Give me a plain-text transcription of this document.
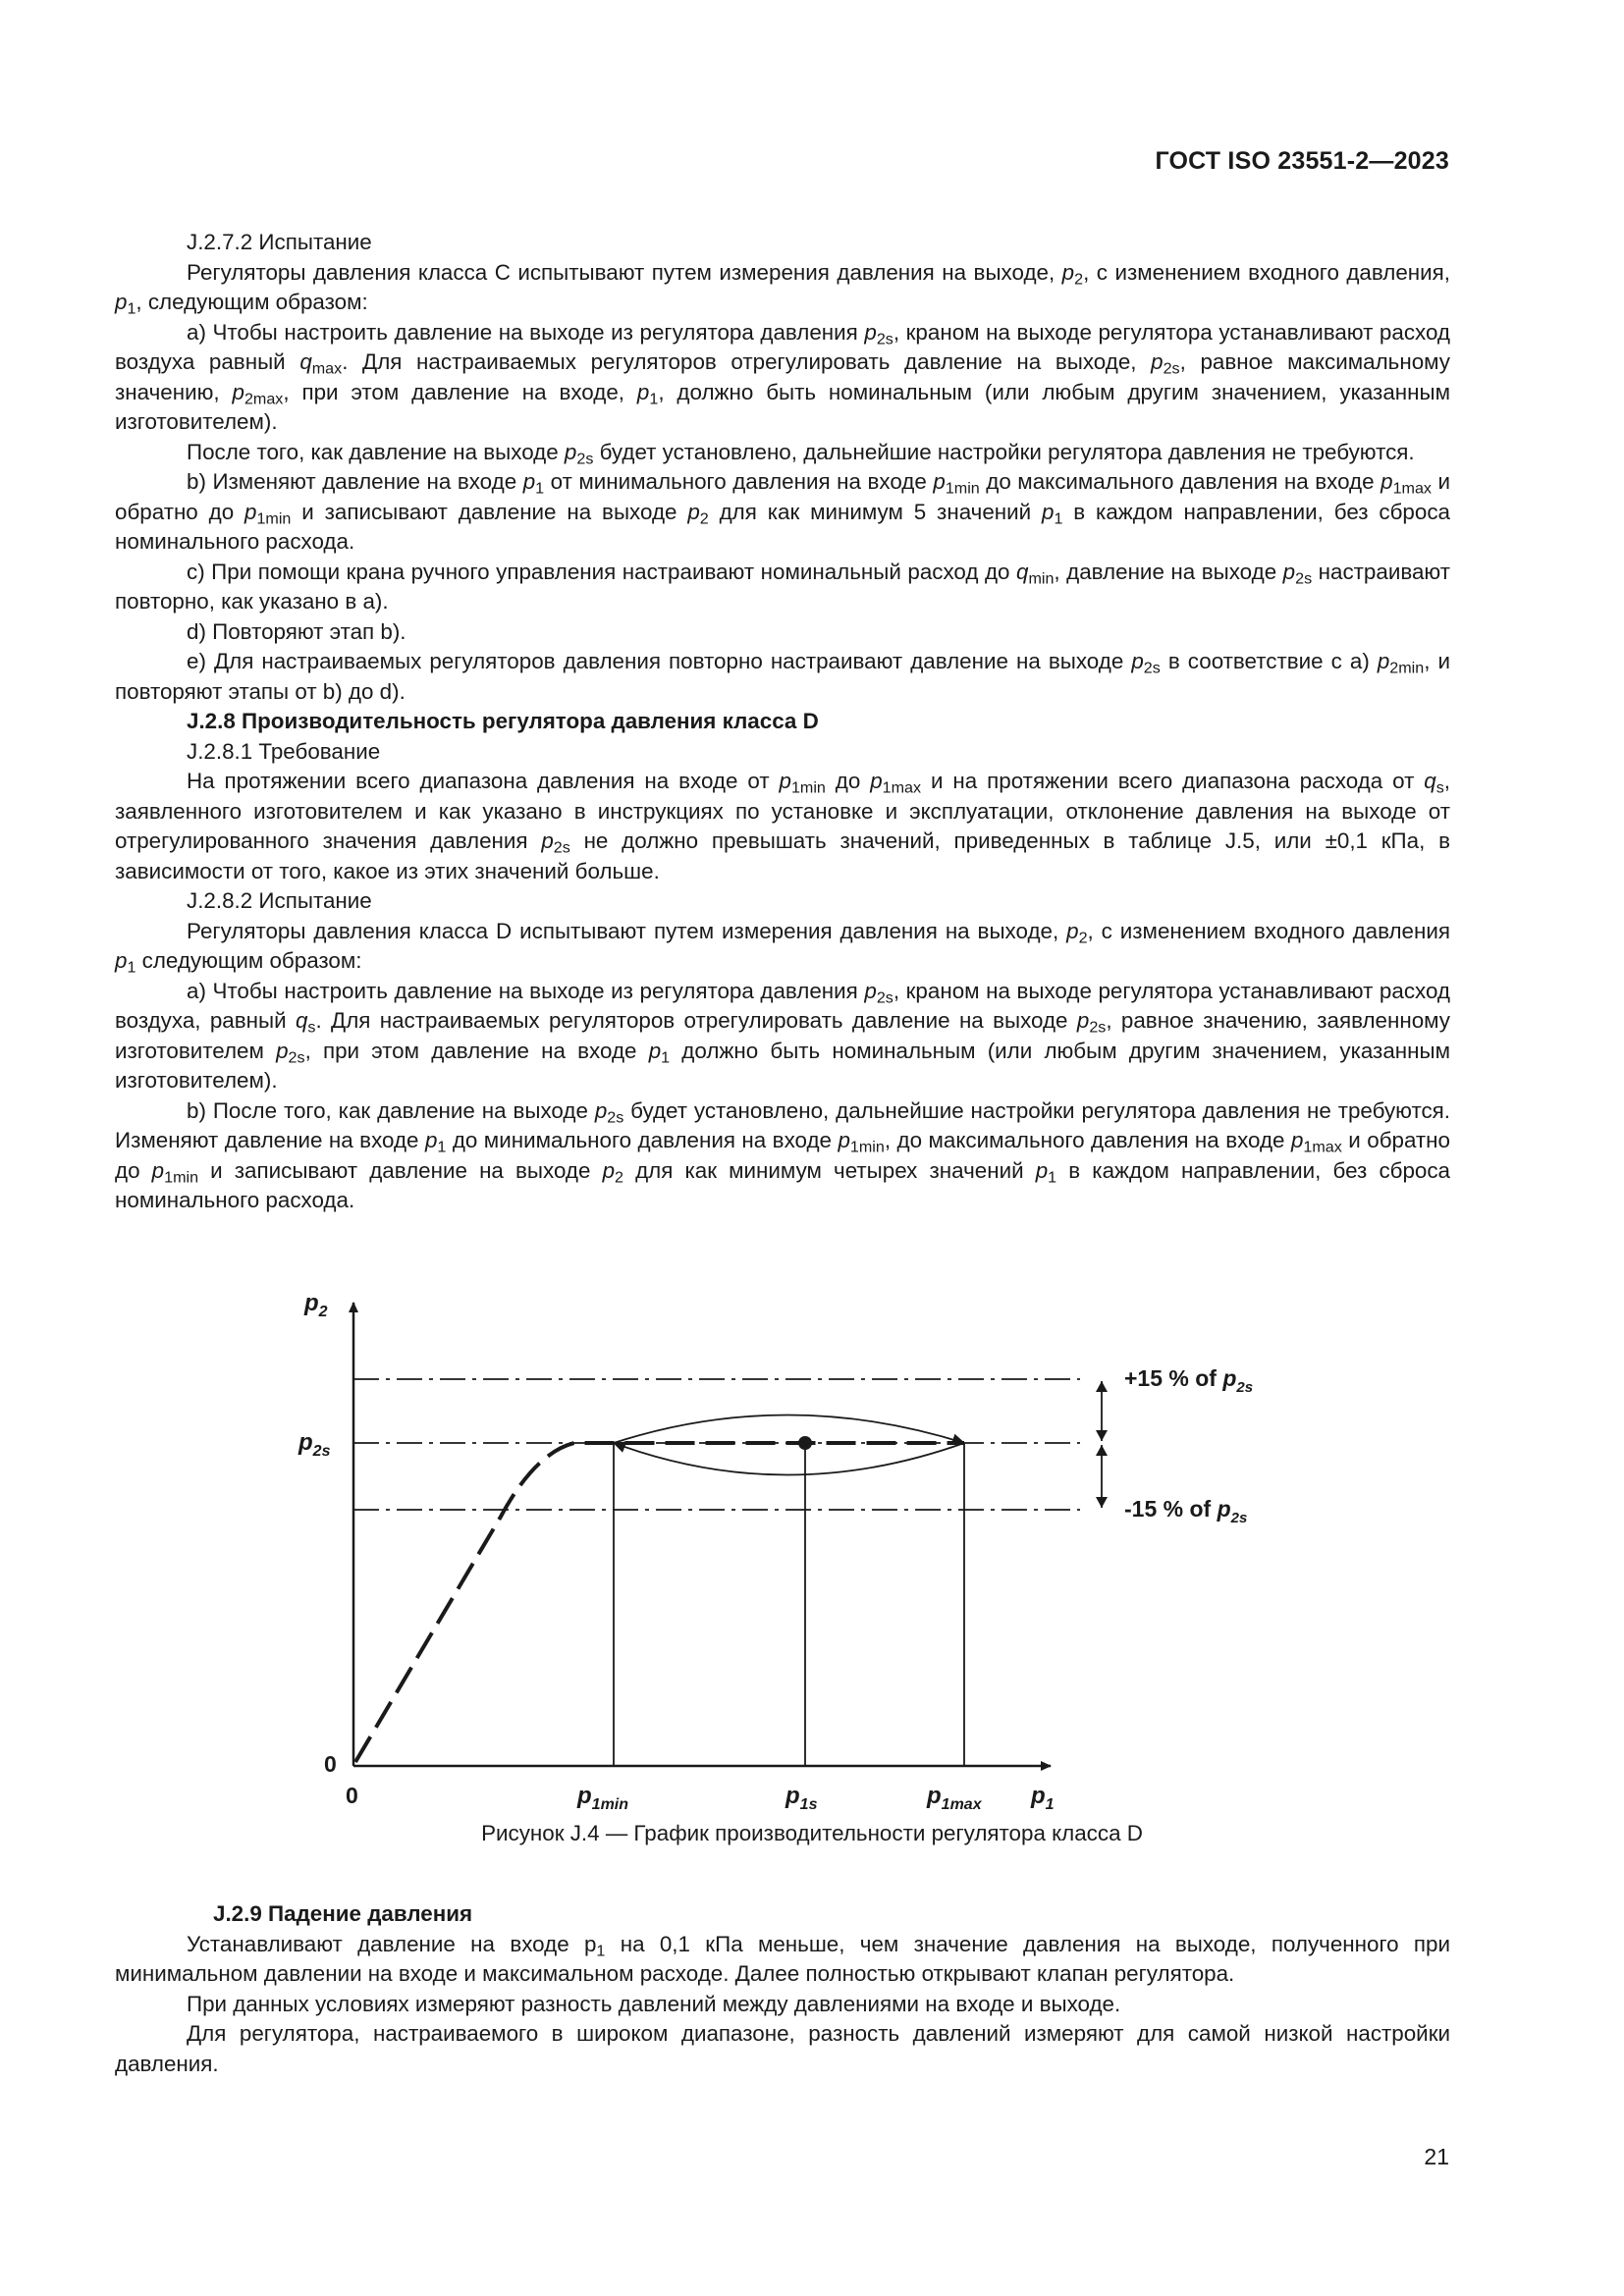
ГОСТ ISO 23551-2—2023

J.2.7.2 Испытание

Регуляторы давления класса С испытывают путем измерения давления на выходе, $p_2$, с изменением входного давления, $p_1$, следующим образом:

a) Чтобы настроить давление на выходе из регулятора давления $p_{2s}$, краном на выходе регулятора устанавливают расход воздуха равный $q_{max}$. Для настраиваемых регуляторов отрегулировать давление на выходе, $p_{2s}$, равное максимальному значению, $p_{2max}$, при этом давление на входе, $p_1$, должно быть номинальным (или любым другим значением, указанным изготовителем).

После того, как давление на выходе $p_{2s}$ будет установлено, дальнейшие настройки регулятора давления не требуются.

b) Изменяют давление на входе $p_1$ от минимального давления на входе $p_{1min}$ до максимального давления на входе $p_{1max}$ и обратно до $p_{1min}$ и записывают давление на выходе $p_2$ для как минимум 5 значений $p_1$ в каждом направлении, без сброса номинального расхода.

c) При помощи крана ручного управления настраивают номинальный расход до $q_{min}$, давление на выходе $p_{2s}$ настраивают повторно, как указано в а).

d) Повторяют этап b).

e) Для настраиваемых регуляторов давления повторно настраивают давление на выходе $p_{2s}$ в соответствие с а) $p_{2min}$, и повторяют этапы от b) до d).

J.2.8 Производительность регулятора давления класса D

J.2.8.1 Требование

На протяжении всего диапазона давления на входе от $p_{1min}$ до $p_{1max}$ и на протяжении всего диапазона расхода от $q_s$, заявленного изготовителем и как указано в инструкциях по установке и эксплуатации, отклонение давления на выходе от отрегулированного значения давления $p_{2s}$ не должно превышать значений, приведенных в таблице J.5, или ±0,1 кПа, в зависимости от того, какое из этих значений больше.

J.2.8.2 Испытание

Регуляторы давления класса D испытывают путем измерения давления на выходе, $p_2$, с изменением входного давления $p_1$ следующим образом:

a) Чтобы настроить давление на выходе из регулятора давления $p_{2s}$, краном на выходе регулятора устанавливают расход воздуха, равный $q_s$. Для настраиваемых регуляторов отрегулировать давление на выходе $p_{2s}$, равное значению, заявленному изготовителем $p_{2s}$, при этом давление на входе $p_1$ должно быть номинальным (или любым другим значением, указанным изготовителем).

b) После того, как давление на выходе $p_{2s}$ будет установлено, дальнейшие настройки регулятора давления не требуются. Изменяют давление на входе $p_1$ до минимального давления на входе $p_{1min}$, до максимального давления на входе $p_{1max}$ и обратно до $p_{1min}$ и записывают давление на выходе $p_2$ для как минимум четырех значений $p_1$ в каждом направлении, без сброса номинального расхода.

$p_2$
$p_{2s}$
+15 % of $p_{2s}$
-15 % of $p_{2s}$
0
0	$p_{1min}$	$p_{1s}$	$p_{1max}$ $p_1$
Рисунок J.4 — График производительности регулятора класса D

J.2.9 Падение давления

Устанавливают давление на входе $p_1$ на 0,1 кПа меньше, чем значение давления на выходе, полученного при минимальном давлении на входе и максимальном расходе. Далее полностью открывают клапан регулятора.

При данных условиях измеряют разность давлений между давлениями на входе и выходе.

Для регулятора, настраиваемого в широком диапазоне, разность давлений измеряют для самой низкой настройки давления.

21
